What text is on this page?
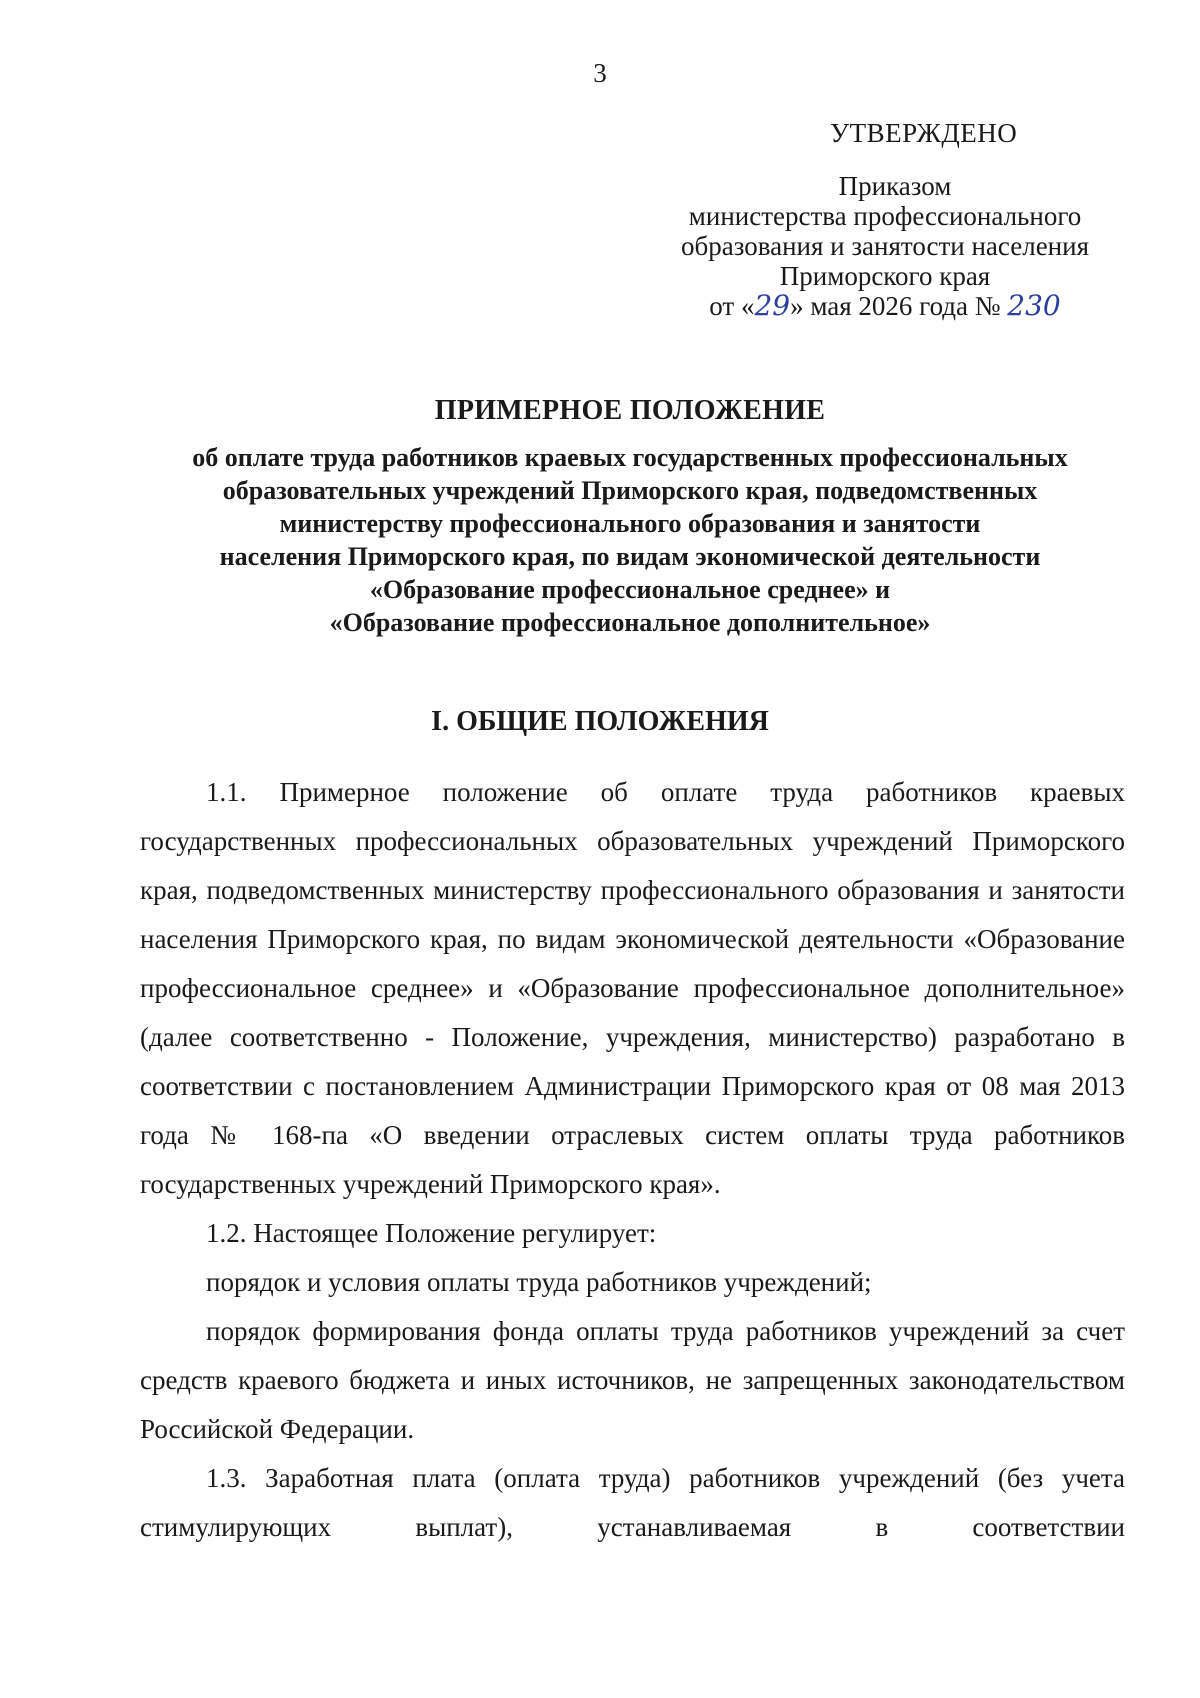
3
УТВЕРЖДЕНО
Приказом
министерства профессионального
образования и занятости населения
Приморского края
от «29» мая 2026 года № 230
ПРИМЕРНОЕ ПОЛОЖЕНИЕ
об оплате труда работников краевых государственных профессиональных
образовательных учреждений Приморского края, подведомственных
министерству профессионального образования и занятости
населения Приморского края, по видам экономической деятельности
«Образование профессиональное среднее» и
«Образование профессиональное дополнительное»
I. ОБЩИЕ ПОЛОЖЕНИЯ

1.1. Примерное положение об оплате труда работников краевых государственных профессиональных образовательных учреждений Приморского края, подведомственных министерству профессионального образования и занятости населения Приморского края, по видам экономической деятельности «Образование профессиональное среднее» и «Образование профессиональное дополнительное» (далее соответственно - Положение, учреждения, министерство) разработано в соответствии с постановлением Администрации Приморского края от 08 мая 2013 года № 168-па «О введении отраслевых систем оплаты труда работников государственных учреждений Приморского края».

1.2. Настоящее Положение регулирует:

порядок и условия оплаты труда работников учреждений;

порядок формирования фонда оплаты труда работников учреждений за счет средств краевого бюджета и иных источников, не запрещенных законодательством Российской Федерации.

1.3. Заработная плата (оплата труда) работников учреждений (без учета стимулирующих выплат), устанавливаемая в соответствии
